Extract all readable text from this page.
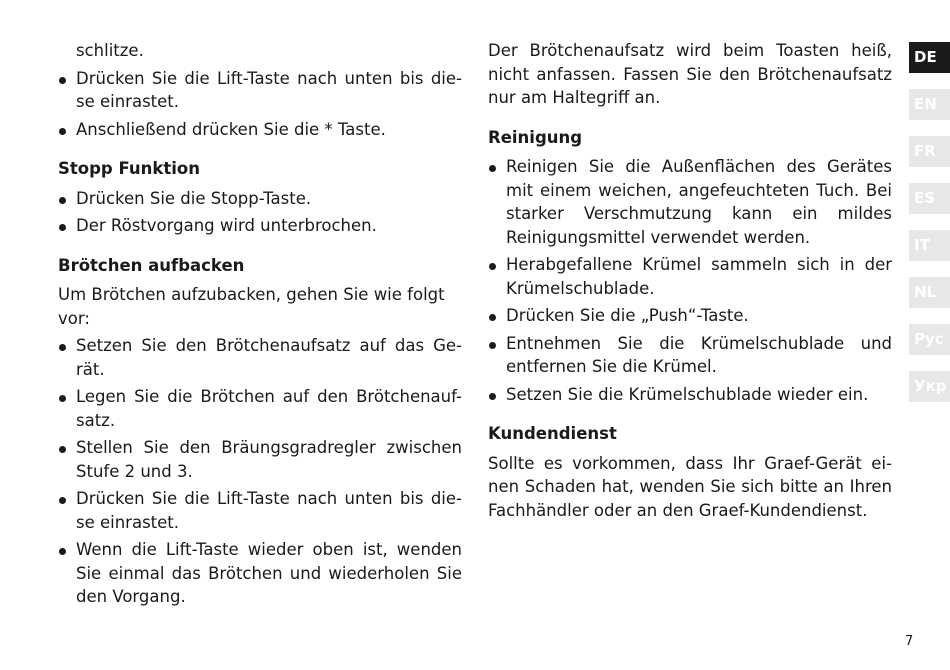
schlitze.

Drücken Sie die Lift-Taste nach unten bis die-se einrastet.
Anschließend drücken Sie die * Taste.

Stopp Funktion

Drücken Sie die Stopp-Taste.
Der Röstvorgang wird unterbrochen.

Brötchen aufbacken

Um Brötchen aufzubacken, gehen Sie wie folgt vor:

Setzen Sie den Brötchenaufsatz auf das Ge-rät.
Legen Sie die Brötchen auf den Brötchenauf-satz.
Stellen Sie den Bräungsgradregler zwischen Stufe 2 und 3.
Drücken Sie die Lift-Taste nach unten bis die-se einrastet.
Wenn die Lift-Taste wieder oben ist, wenden Sie einmal das Brötchen und wiederholen Sie den Vorgang.

Der Brötchenaufsatz wird beim Toasten heiß, nicht anfassen. Fassen Sie den Brötchenaufsatz nur am Haltegriff an.

Reinigung

Reinigen Sie die Außenflächen des Gerätes mit einem weichen, angefeuchteten Tuch. Bei starker Verschmutzung kann ein mildes Reinigungsmittel verwendet werden.
Herabgefallene Krümel sammeln sich in der Krümelschublade.
Drücken Sie die „Push“-Taste.
Entnehmen Sie die Krümelschublade und entfernen Sie die Krümel.
Setzen Sie die Krümelschublade wieder ein.

Kundendienst

Sollte es vorkommen, dass Ihr Graef-Gerät ei-nen Schaden hat, wenden Sie sich bitte an Ihren Fachhändler oder an den Graef-Kundendienst.

DE
EN
FR
ES
IT
NL
Рус
Укр
7
